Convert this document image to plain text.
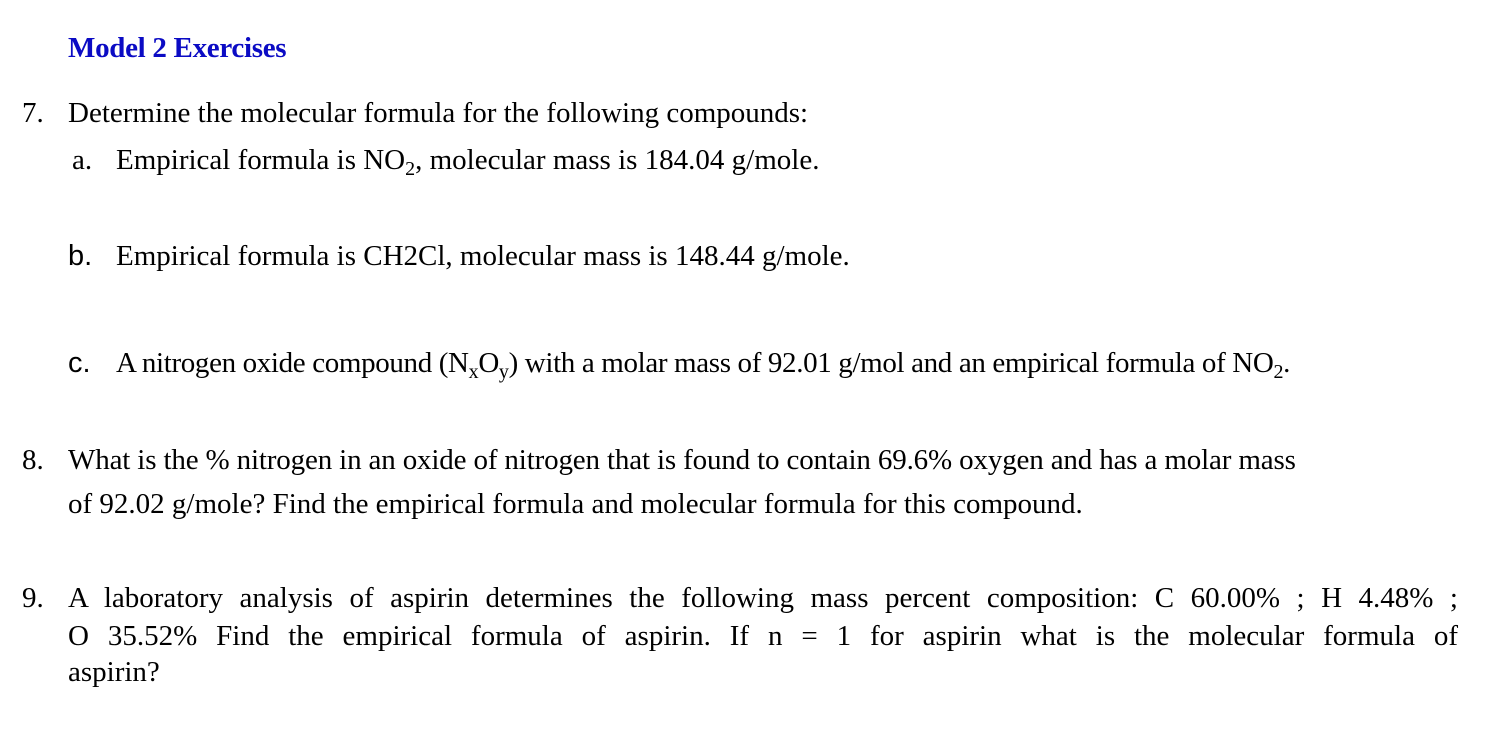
Model 2 Exercises
7. Determine the molecular formula for the following compounds:
a. Empirical formula is $NO_2$, molecular mass is 184.04 g/mole.
b. Empirical formula is CH2Cl, molecular mass is 148.44 g/mole.
c. A nitrogen oxide compound $(N_xO_y)$ with a molar mass of 92.01 g/mol and an empirical formula of $NO_2$.
8. What is the % nitrogen in an oxide of nitrogen that is found to contain 69.6% oxygen and has a molar mass
of 92.02 g/mole? Find the empirical formula and molecular formula for this compound.
9. A laboratory analysis of aspirin determines the following mass percent composition: C 60.00% ; H 4.48% ;
O 35.52% Find the empirical formula of aspirin. If n = 1 for aspirin what is the molecular formula of
aspirin?
